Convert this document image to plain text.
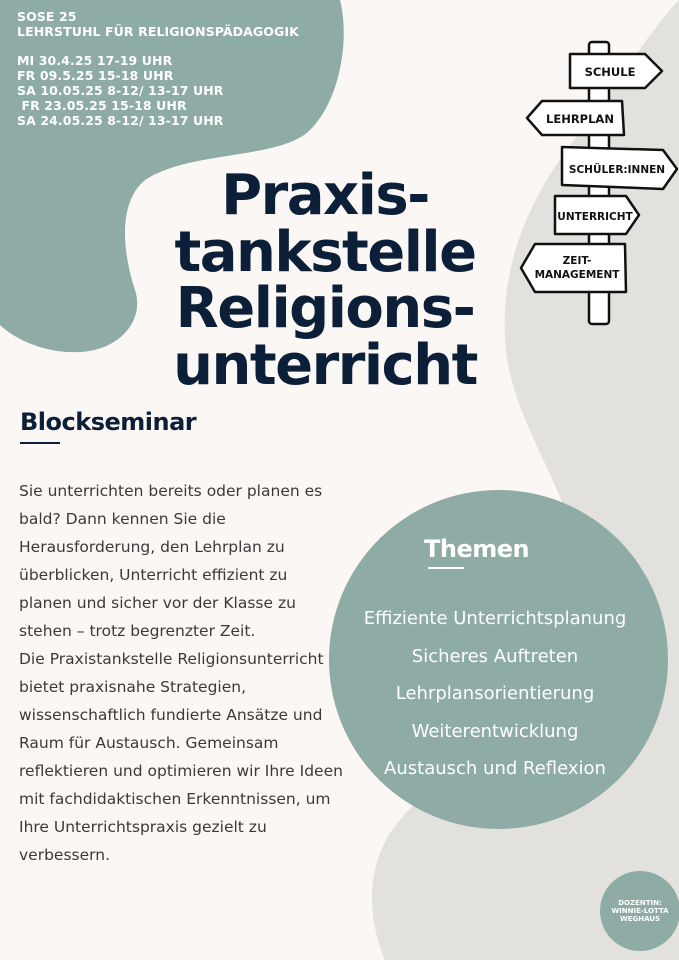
SOSE 25
LEHRSTUHL FÜR RELIGIONSPÄDAGOGIK
MI 30.4.25 17-19 UHR
FR 09.5.25 15-18 UHR
SA 10.05.25 8-12/ 13-17 UHR
FR 23.05.25 15-18 UHR
SA 24.05.25 8-12/ 13-17 UHR
SCHULE
LEHRPLAN
SCHÜLER:INNEN
UNTERRICHT
ZEIT-
MANAGEMENT
Praxis-
tankstelle
Religions-
unterricht
Blockseminar

Sie unterrichten bereits oder planen es bald? Dann kennen Sie die Herausforderung, den Lehrplan zu überblicken, Unterricht effizient zu planen und sicher vor der Klasse zu stehen – trotz begrenzter Zeit.

Die Praxistankstelle Religionsunterricht bietet praxisnahe Strategien, wissenschaftlich fundierte Ansätze und Raum für Austausch. Gemeinsam reflektieren und optimieren wir Ihre Ideen mit fachdidaktischen Erkenntnissen, um Ihre Unterrichtspraxis gezielt zu verbessern.

Themen
Effiziente Unterrichtsplanung
Sicheres Auftreten
Lehrplansorientierung
Weiterentwicklung
Austausch und Reflexion
DOZENTIN:
WINNIE-LOTTA
WEGHAUS
